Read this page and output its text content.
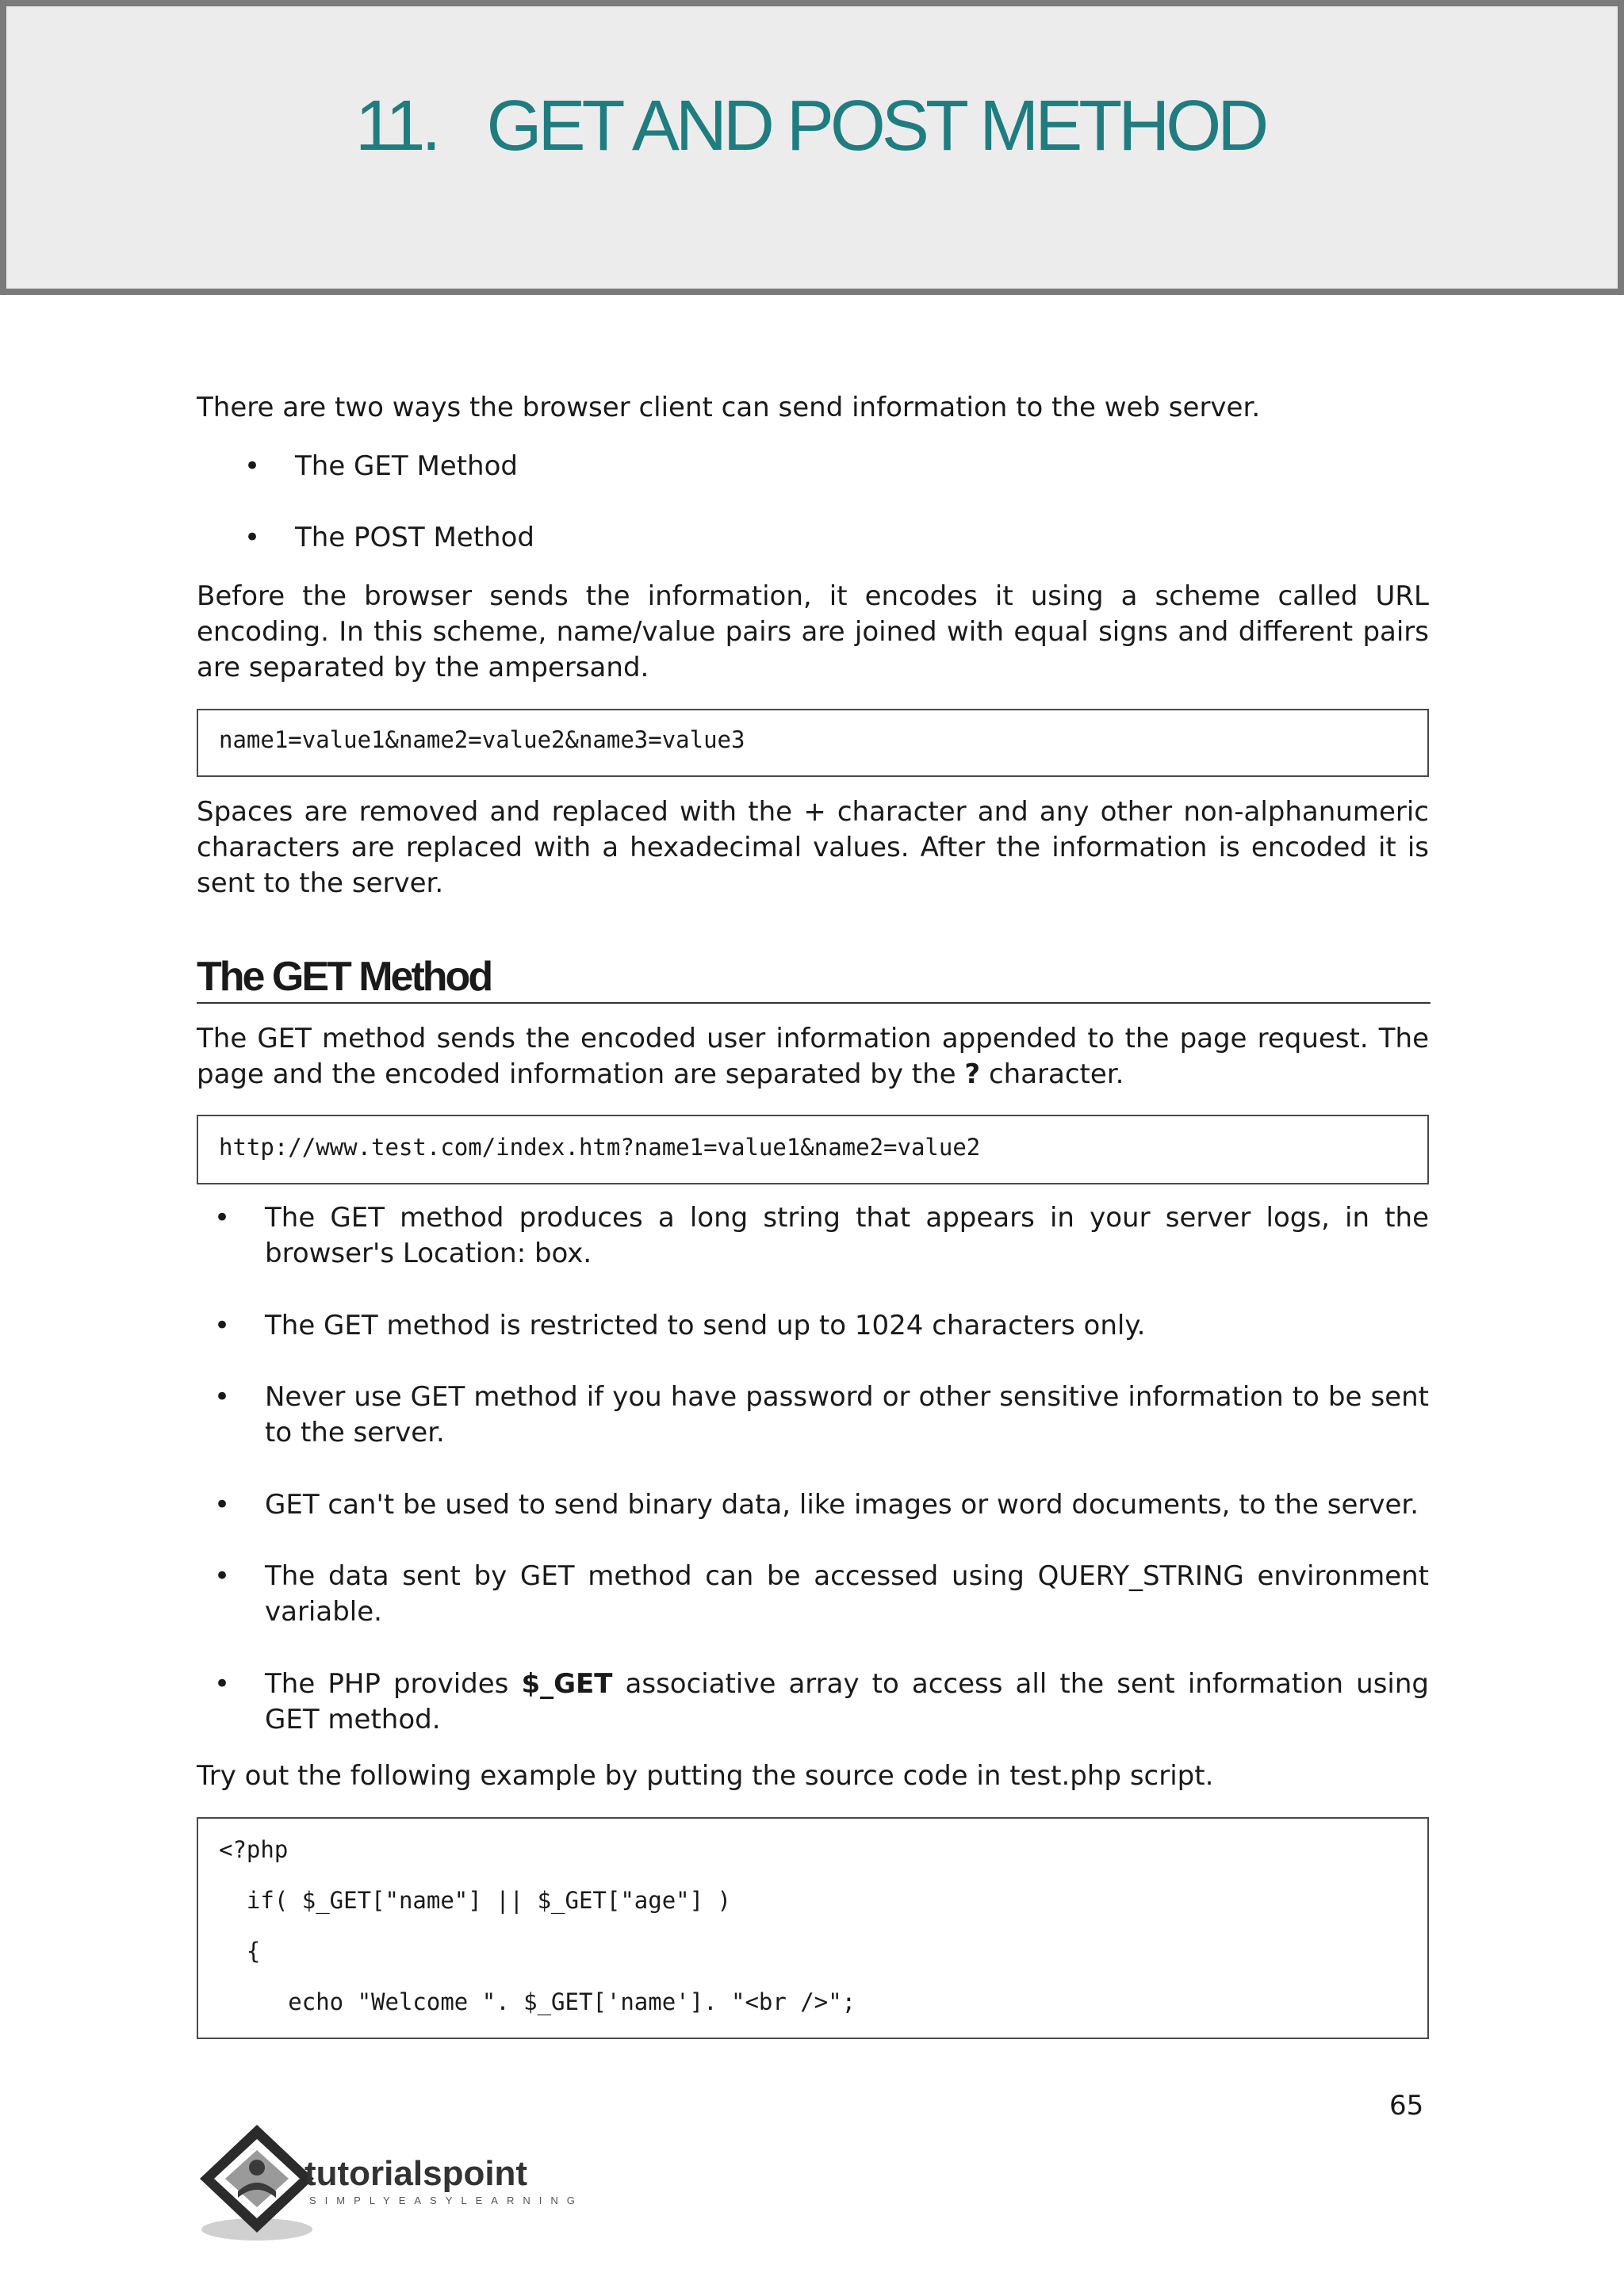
11. GET AND POST METHOD

There are two ways the browser client can send information to the web server.

• The GET Method
• The POST Method

Before the browser sends the information, it encodes it using a scheme called URL encoding. In this scheme, name/value pairs are joined with equal signs and different pairs are separated by the ampersand.

name1=value1&name2=value2&name3=value3

Spaces are removed and replaced with the + character and any other non-alphanumeric characters are replaced with a hexadecimal values. After the information is encoded it is sent to the server.

The GET Method

The GET method sends the encoded user information appended to the page request. The page and the encoded information are separated by the ? character.

http://www.test.com/index.htm?name1=value1&name2=value2
• The GET method produces a long string that appears in your server logs, in the browser's Location: box.
• The GET method is restricted to send up to 1024 characters only.
• Never use GET method if you have password or other sensitive information to be sent to the server.
• GET can't be used to send binary data, like images or word documents, to the server.
• The data sent by GET method can be accessed using QUERY_STRING environment variable.
• The PHP provides $_GET associative array to access all the sent information using GET method.

Try out the following example by putting the source code in test.php script.

<?php
if( $_GET["name"] || $_GET["age"] )
{
echo "Welcome ". $_GET['name']. "<br />";
65
tutorialspoint
SIMPLYEASYLEARNING
